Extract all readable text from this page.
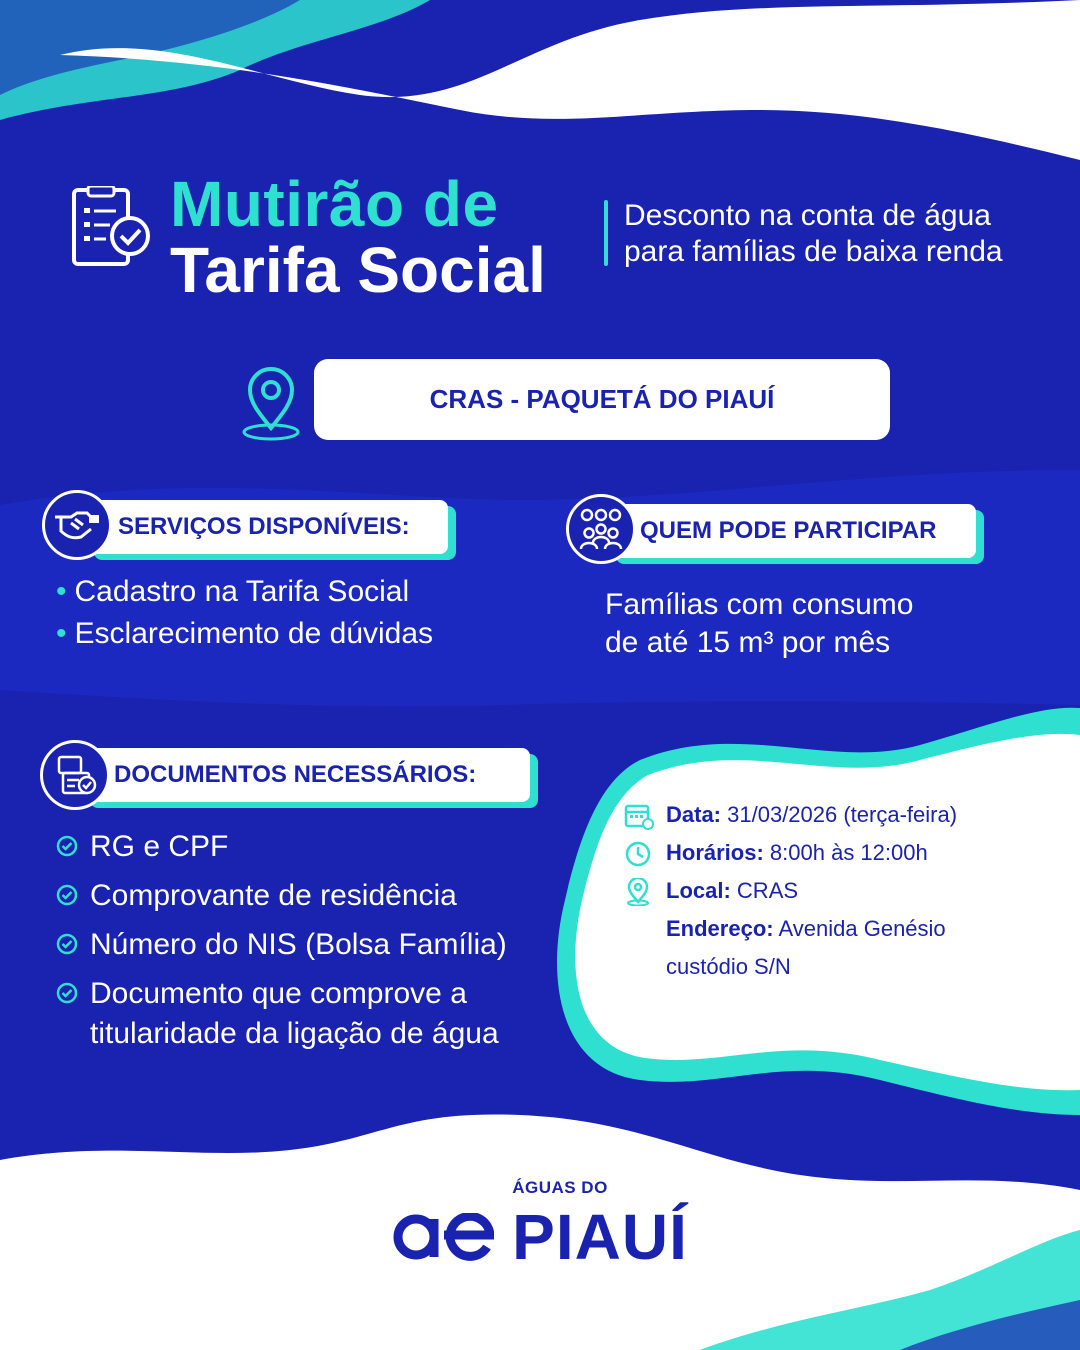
Mutirão de
Tarifa Social
Desconto na conta de água
para famílias de baixa renda
CRAS - PAQUETÁ DO PIAUÍ
SERVIÇOS DISPONÍVEIS:
• Cadastro na Tarifa Social
• Esclarecimento de dúvidas
QUEM PODE PARTICIPAR
Famílias com consumo
de até 15 m³ por mês
DOCUMENTOS NECESSÁRIOS:
RG e CPF
Comprovante de residência
Número do NIS (Bolsa Família)
Documento que comprove a
titularidade da ligação de água
Data: 31/03/2026 (terça-feira)
Horários: 8:00h às 12:00h
Local: CRAS
Endereço: Avenida Genésio
custódio S/N
ÁGUAS DO
PIAUÍ
